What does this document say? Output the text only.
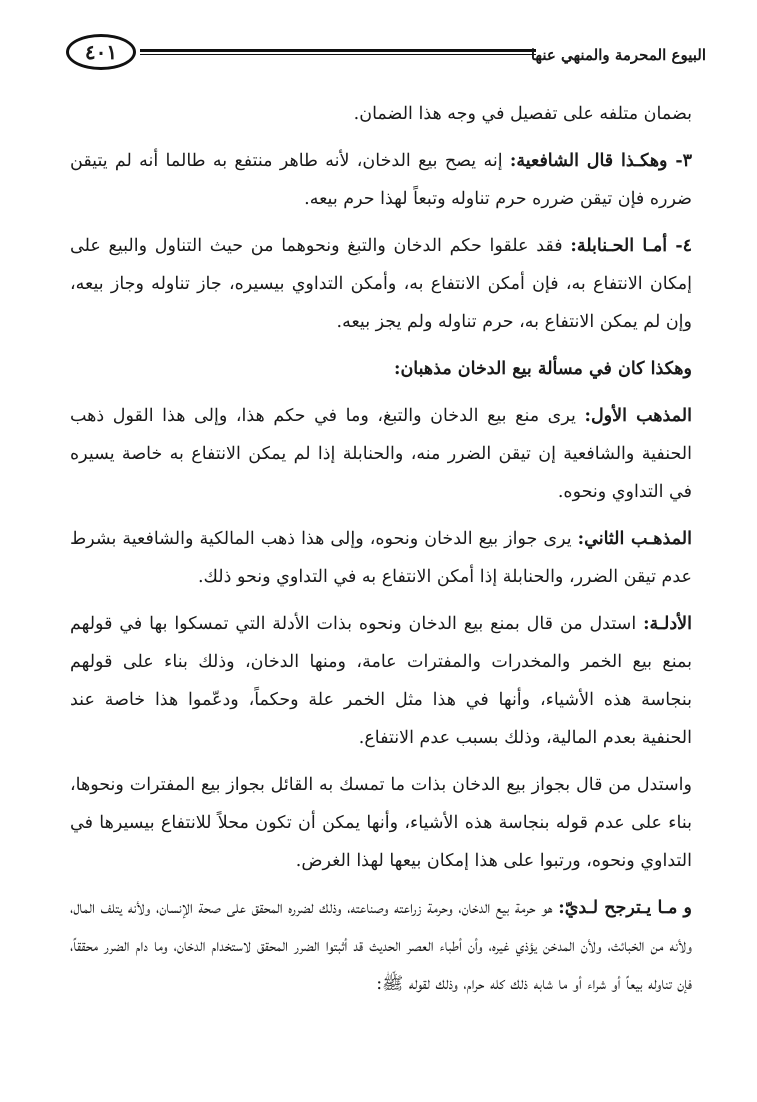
٤٠١	البيوع المحرمة والمنهي عنها

بضمان متلفه على تفصيل في وجه هذا الضمان.

٣- وهكـذا قال الشافعية: إنه يصح بيع الدخان، لأنه طاهر منتفع به طالما أنه لم يتيقن ضرره فإن تيقن ضرره حرم تناوله وتبعاً لهذا حرم بيعه.

٤- أمـا الحـنابلة: فقد علقوا حكم الدخان والتبغ ونحوهما من حيث التناول والبيع على إمكان الانتفاع به، فإن أمكن الانتفاع به، وأمكن التداوي بيسيره، جاز تناوله وجاز بيعه، وإن لم يمكن الانتفاع به، حرم تناوله ولم يجز بيعه.

وهكذا كان في مسألة بيع الدخان مذهبان:

المذهب الأول: يرى منع بيع الدخان والتبغ، وما في حكم هذا، وإلى هذا القول ذهب الحنفية والشافعية إن تيقن الضرر منه، والحنابلة إذا لم يمكن الانتفاع به خاصة يسيره في التداوي ونحوه.

المذهـب الثاني: يرى جواز بيع الدخان ونحوه، وإلى هذا ذهب المالكية والشافعية بشرط عدم تيقن الضرر، والحنابلة إذا أمكن الانتفاع به في التداوي ونحو ذلك.

الأدلـة: استدل من قال بمنع بيع الدخان ونحوه بذات الأدلة التي تمسكوا بها في قولهم بمنع بيع الخمر والمخدرات والمفترات عامة، ومنها الدخان، وذلك بناء على قولهم بنجاسة هذه الأشياء، وأنها في هذا مثل الخمر علة وحكماً، ودعّموا هذا خاصة عند الحنفية بعدم المالية، وذلك بسبب عدم الانتفاع.

واستدل من قال بجواز بيع الدخان بذات ما تمسك به القائل بجواز بيع المفترات ونحوها، بناء على عدم قوله بنجاسة هذه الأشياء، وأنها يمكن أن تكون محلاً للانتفاع بيسيرها في التداوي ونحوه، ورتبوا على هذا إمكان بيعها لهذا الغرض.

و مـا يـترجح لـديّ: هو حرمة بيع الدخان، وحرمة زراعته وصناعته، وذلك لضرره المحقق على صحة الإنسان، ولأنه يتلف المال، ولأنه من الخبائث، ولأن المدخن يؤذي غيره، وأن أطباء العصر الحديث قد أثبتوا الضرر المحقق لاستخدام الدخان، وما دام الضرر محققاً، فإن تناوله بيعاً أو شراء أو ما شابه ذلك كله حرام، وذلك لقوله ﷺ:
